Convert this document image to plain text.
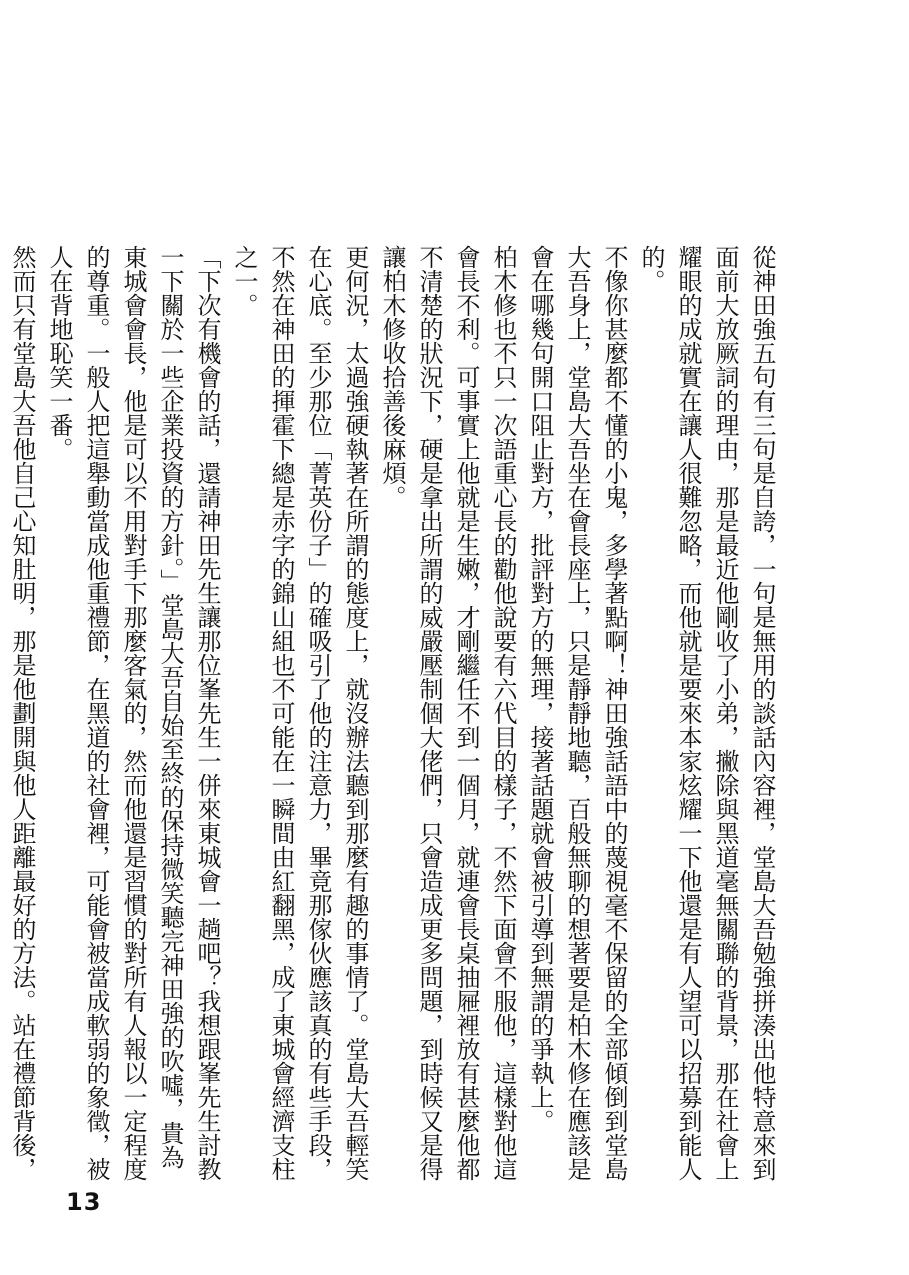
從神田強五句有三句是自誇，一句是無用的談話內容裡，堂島大吾勉強拼湊出他特意來到面前大放厥詞的理由，那是最近他剛收了小弟，撇除與黑道毫無關聯的背景，那在社會上耀眼的成就實在讓人很難忽略，而他就是要來本家炫耀一下他還是有人望可以招募到能人的。

不像你甚麼都不懂的小鬼，多學著點啊！神田強話語中的蔑視毫不保留的全部傾倒到堂島大吾身上，堂島大吾坐在會長座上，只是靜靜地聽，百般無聊的想著要是柏木修在應該是會在哪幾句開口阻止對方，批評對方的無理，接著話題就會被引導到無謂的爭執上。

柏木修也不只一次語重心長的勸他說要有六代目的樣子，不然下面會不服他，這樣對他這會長不利。可事實上他就是生嫩，才剛繼任不到一個月，就連會長桌抽屜裡放有甚麼他都不清楚的狀況下，硬是拿出所謂的威嚴壓制個大佬們，只會造成更多問題，到時候又是得讓柏木修收拾善後麻煩。

更何況，太過強硬執著在所謂的態度上，就沒辦法聽到那麼有趣的事情了。堂島大吾輕笑在心底。至少那位「菁英份子」的確吸引了他的注意力，畢竟那傢伙應該真的有些手段，不然在神田的揮霍下總是赤字的錦山組也不可能在一瞬間由紅翻黑，成了東城會經濟支柱之一。

「下次有機會的話，還請神田先生讓那位峯先生一併來東城會一趟吧？我想跟峯先生討教一下關於一些企業投資的方針。」堂島大吾自始至終的保持微笑聽完神田強的吹噓，貴為東城會會長，他是可以不用對手下那麼客氣的，然而他還是習慣的對所有人報以一定程度的尊重。一般人把這舉動當成他重禮節，在黑道的社會裡，可能會被當成軟弱的象徵，被人在背地恥笑一番。

然而只有堂島大吾他自己心知肚明，那是他劃開與他人距離最好的方法。站在禮節背後，

13
